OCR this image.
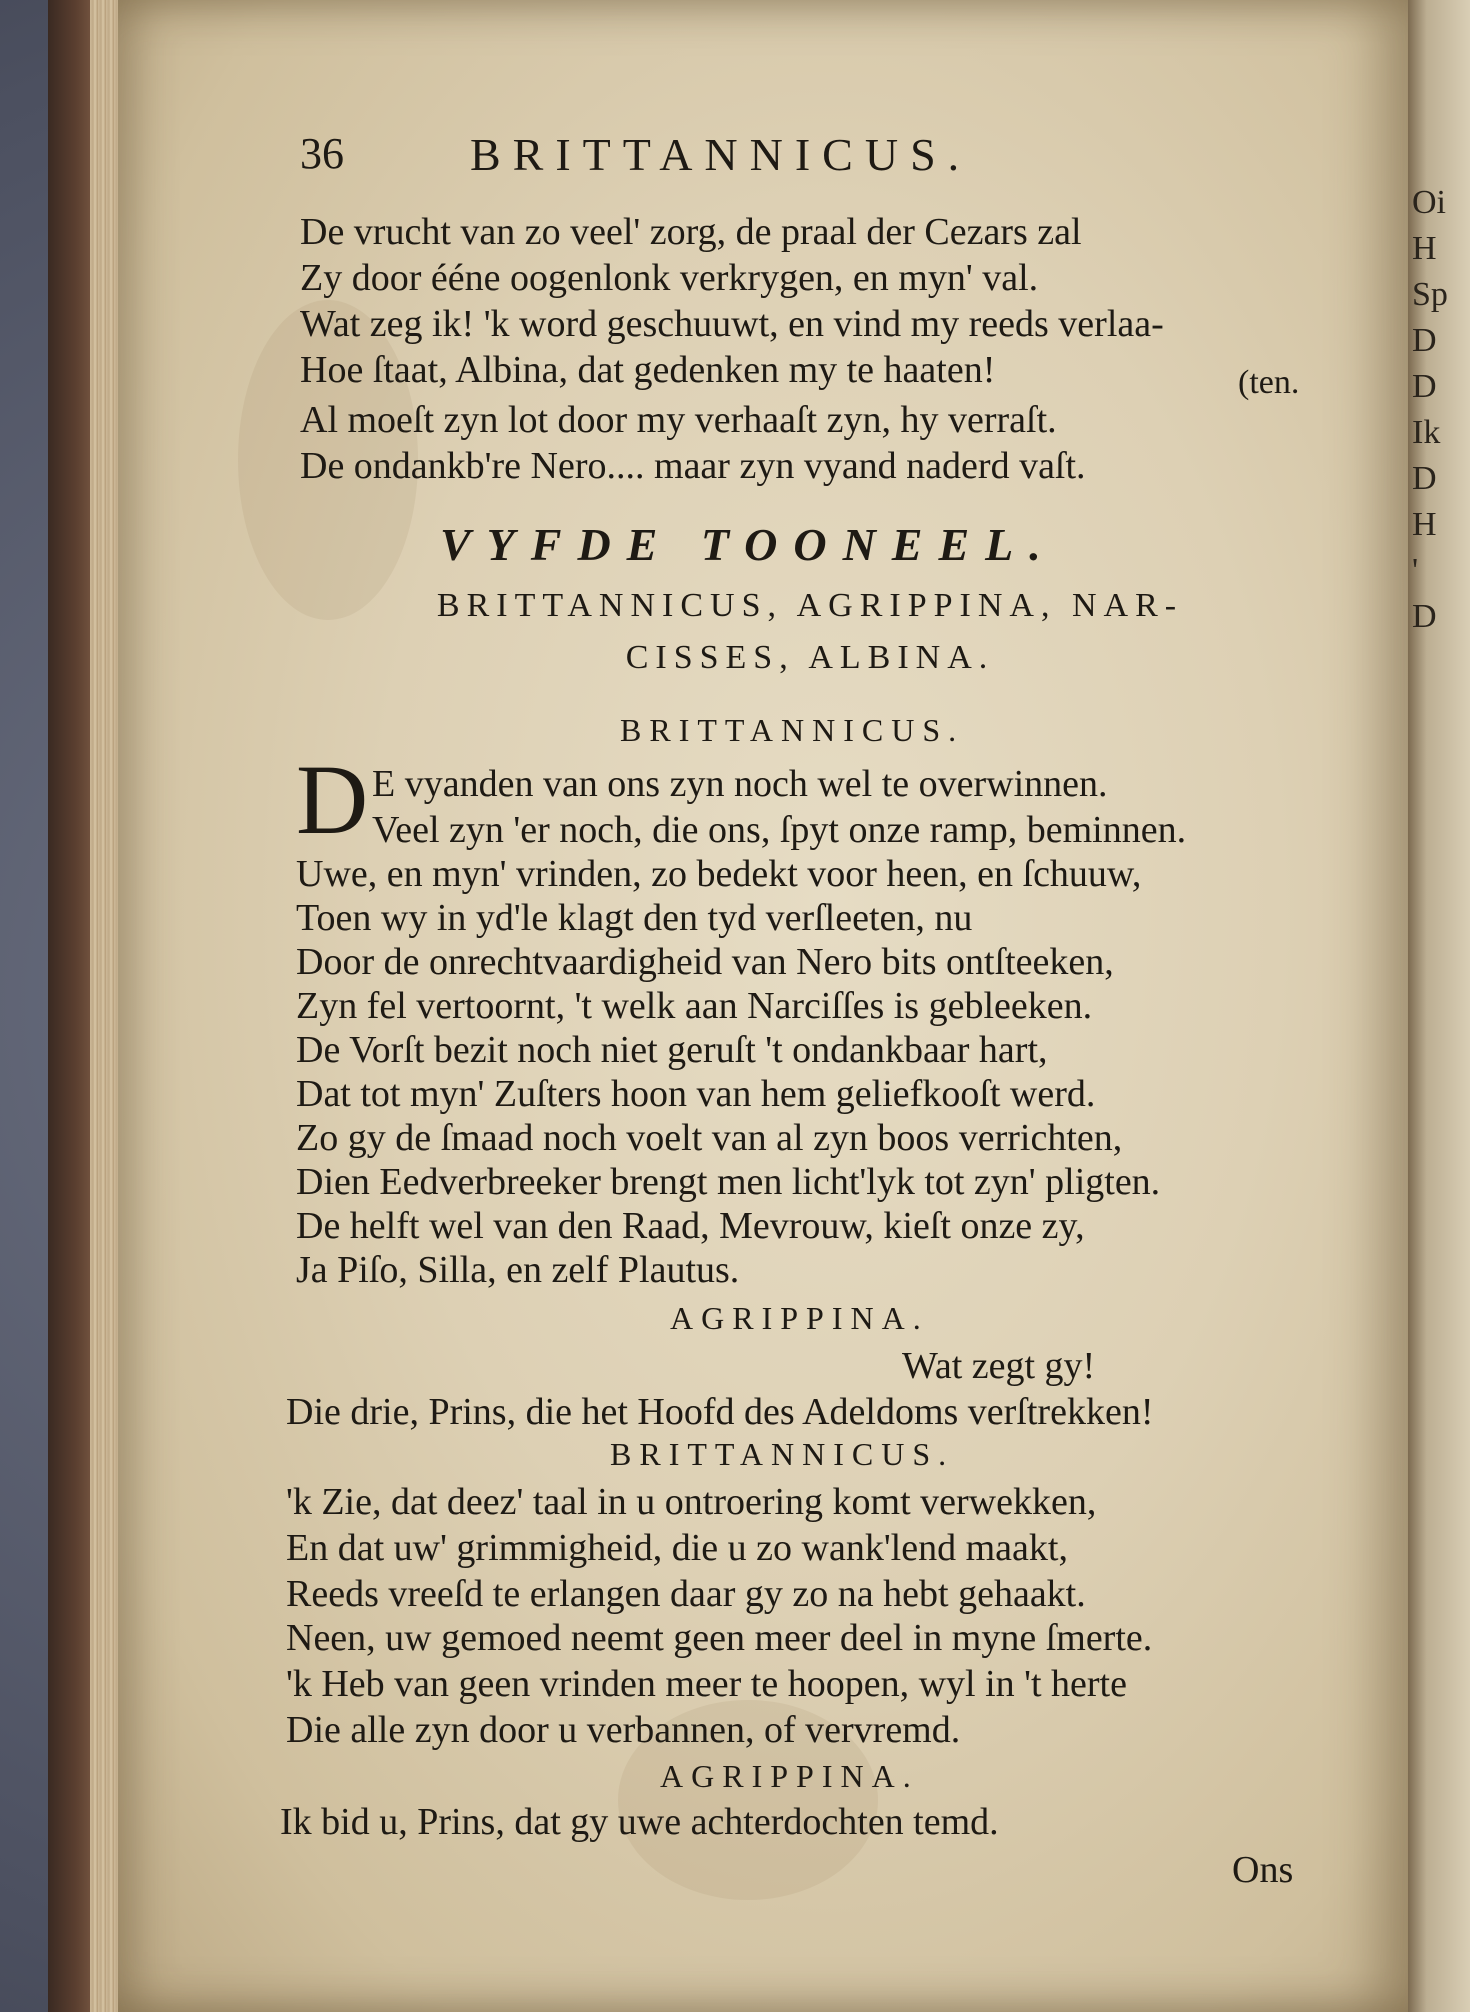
Oi
H
Sp
D
D
Ik
D
H
'
D
36	BRITTANNICUS.
De vrucht van zo veel' zorg, de praal der Cezars zal
Zy door ééne oogenlonk verkrygen, en myn' val.
Wat zeg ik! 'k word geschuuwt, en vind my reeds verlaa-
Hoe ſtaat, Albina, dat gedenken my te haaten!	(ten.
Al moeſt zyn lot door my verhaaſt zyn, hy verraſt.
De ondankb're Nero.... maar zyn vyand naderd vaſt.
VYFDE TOONEEL.
BRITTANNICUS, AGRIPPINA, NAR-
CISSES, ALBINA.
BRITTANNICUS.
D E vyanden van ons zyn noch wel te overwinnen.
Veel zyn 'er noch, die ons, ſpyt onze ramp, beminnen.
Uwe, en myn' vrinden, zo bedekt voor heen, en ſchuuw,
Toen wy in yd'le klagt den tyd verſleeten, nu
Door de onrechtvaardigheid van Nero bits ontſteeken,
Zyn fel vertoornt, 't welk aan Narciſſes is gebleeken.
De Vorſt bezit noch niet geruſt 't ondankbaar hart,
Dat tot myn' Zuſters hoon van hem geliefkooſt werd.
Zo gy de ſmaad noch voelt van al zyn boos verrichten,
Dien Eedverbreeker brengt men licht'lyk tot zyn' pligten.
De helft wel van den Raad, Mevrouw, kieſt onze zy,
Ja Piſo, Silla, en zelf Plautus.
AGRIPPINA.
Wat zegt gy!
Die drie, Prins, die het Hoofd des Adeldoms verſtrekken!
BRITTANNICUS.
'k Zie, dat deez' taal in u ontroering komt verwekken,
En dat uw' grimmigheid, die u zo wank'lend maakt,
Reeds vreeſd te erlangen daar gy zo na hebt gehaakt.
Neen, uw gemoed neemt geen meer deel in myne ſmerte.
'k Heb van geen vrinden meer te hoopen, wyl in 't herte
Die alle zyn door u verbannen, of vervremd.
AGRIPPINA.
Ik bid u, Prins, dat gy uwe achterdochten temd.
Ons
